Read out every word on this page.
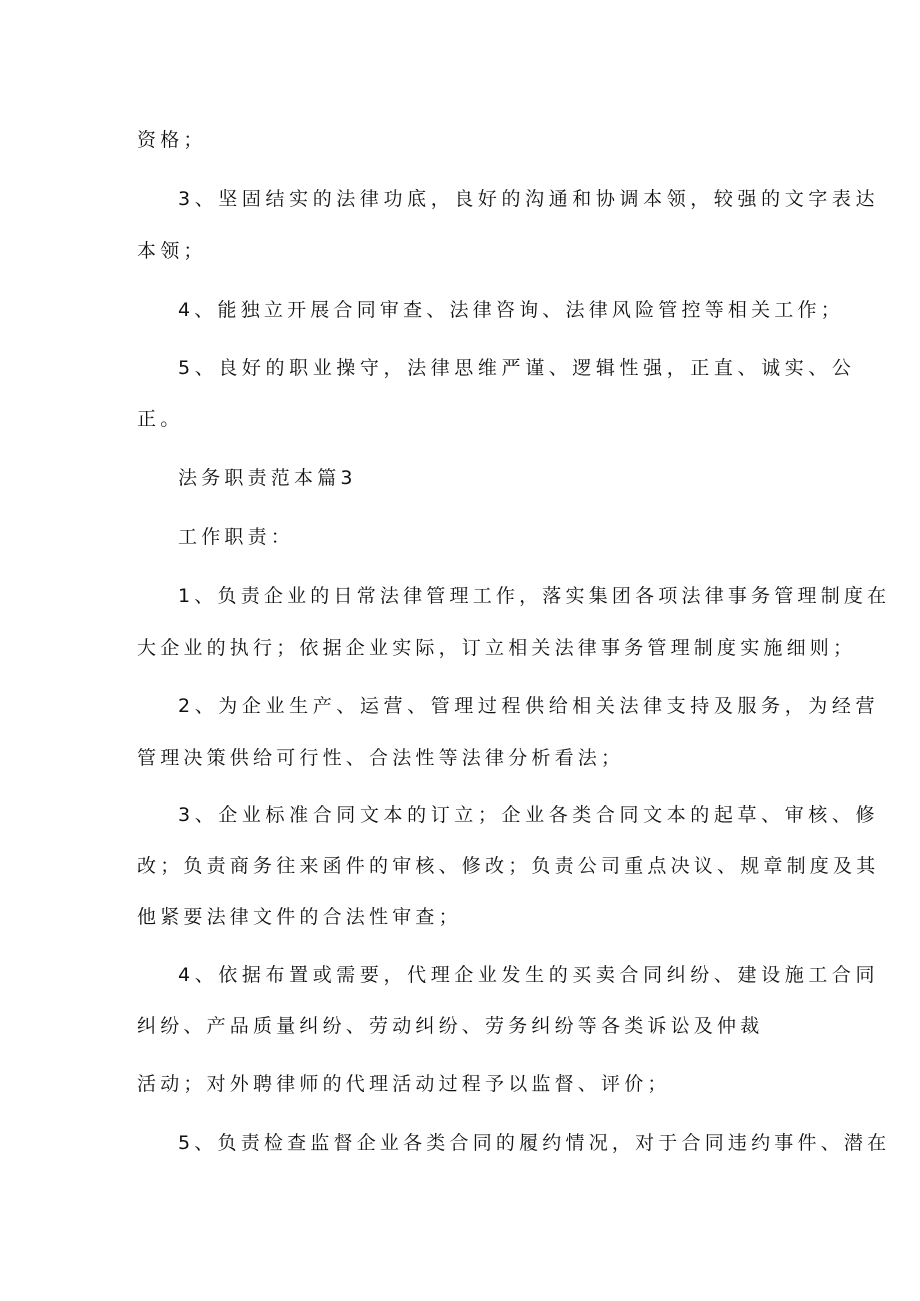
资格；

3、坚固结实的法律功底，良好的沟通和协调本领，较强的文字表达

本领；

4、能独立开展合同审查、法律咨询、法律风险管控等相关工作；

5、良好的职业操守，法律思维严谨、逻辑性强，正直、诚实、公

正。

法务职责范本篇3

工作职责：

1、负责企业的日常法律管理工作，落实集团各项法律事务管理制度在

大企业的执行；依据企业实际，订立相关法律事务管理制度实施细则；

2、为企业生产、运营、管理过程供给相关法律支持及服务，为经营

管理决策供给可行性、合法性等法律分析看法；

3、企业标准合同文本的订立；企业各类合同文本的起草、审核、修

改；负责商务往来函件的审核、修改；负责公司重点决议、规章制度及其

他紧要法律文件的合法性审查；

4、依据布置或需要，代理企业发生的买卖合同纠纷、建设施工合同

纠纷、产品质量纠纷、劳动纠纷、劳务纠纷等各类诉讼及仲裁

活动；对外聘律师的代理活动过程予以监督、评价；

5、负责检查监督企业各类合同的履约情况，对于合同违约事件、潜在
